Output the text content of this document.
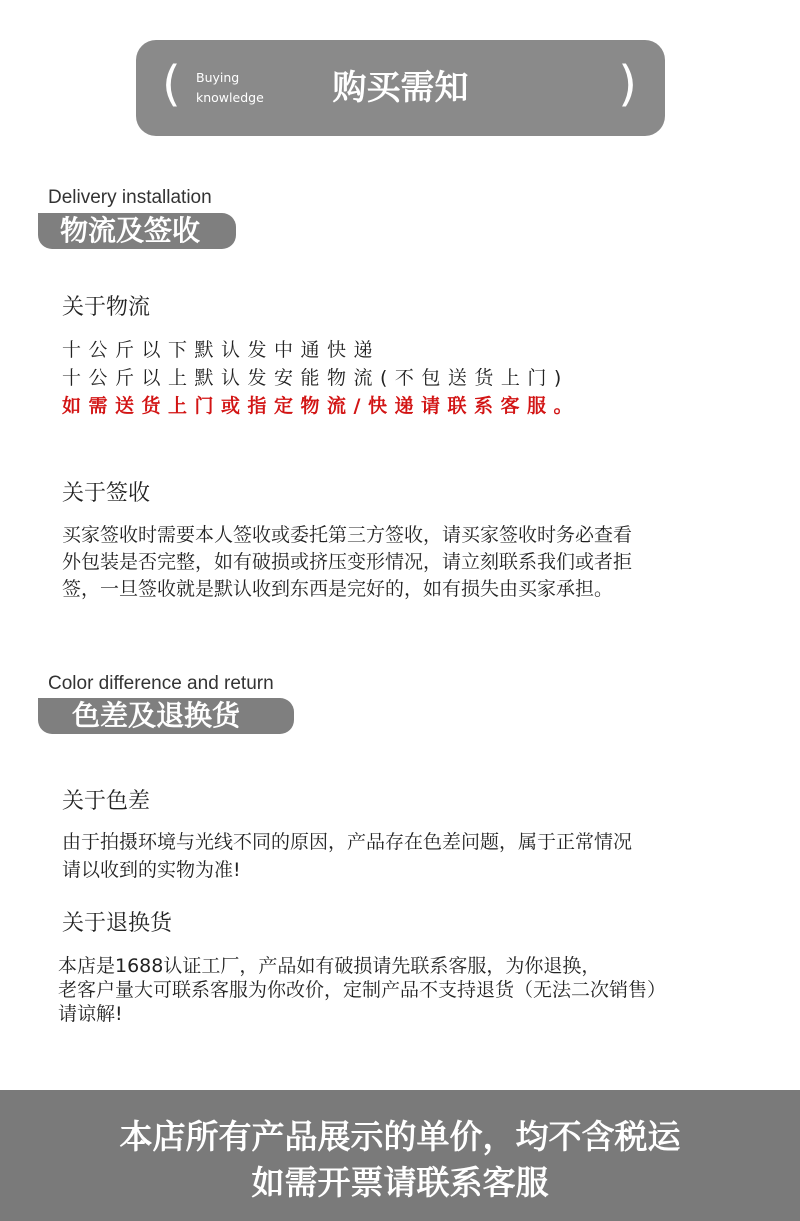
( Buying
knowledge	购买需知	)
Delivery installation
物流及签收
关于物流
十公斤以下默认发中通快递
十公斤以上默认发安能物流(不包送货上门)
如需送货上门或指定物流/快递请联系客服。
关于签收
买家签收时需要本人签收或委托第三方签收，请买家签收时务必查看
外包装是否完整，如有破损或挤压变形情况，请立刻联系我们或者拒
签，一旦签收就是默认收到东西是完好的，如有损失由买家承担。
Color difference and return
色差及退换货
关于色差
由于拍摄环境与光线不同的原因，产品存在色差问题，属于正常情况
请以收到的实物为准!
关于退换货
本店是1688认证工厂，产品如有破损请先联系客服，为你退换，
老客户量大可联系客服为你改价，定制产品不支持退货（无法二次销售）
请谅解!
本店所有产品展示的单价，均不含税运
如需开票请联系客服
